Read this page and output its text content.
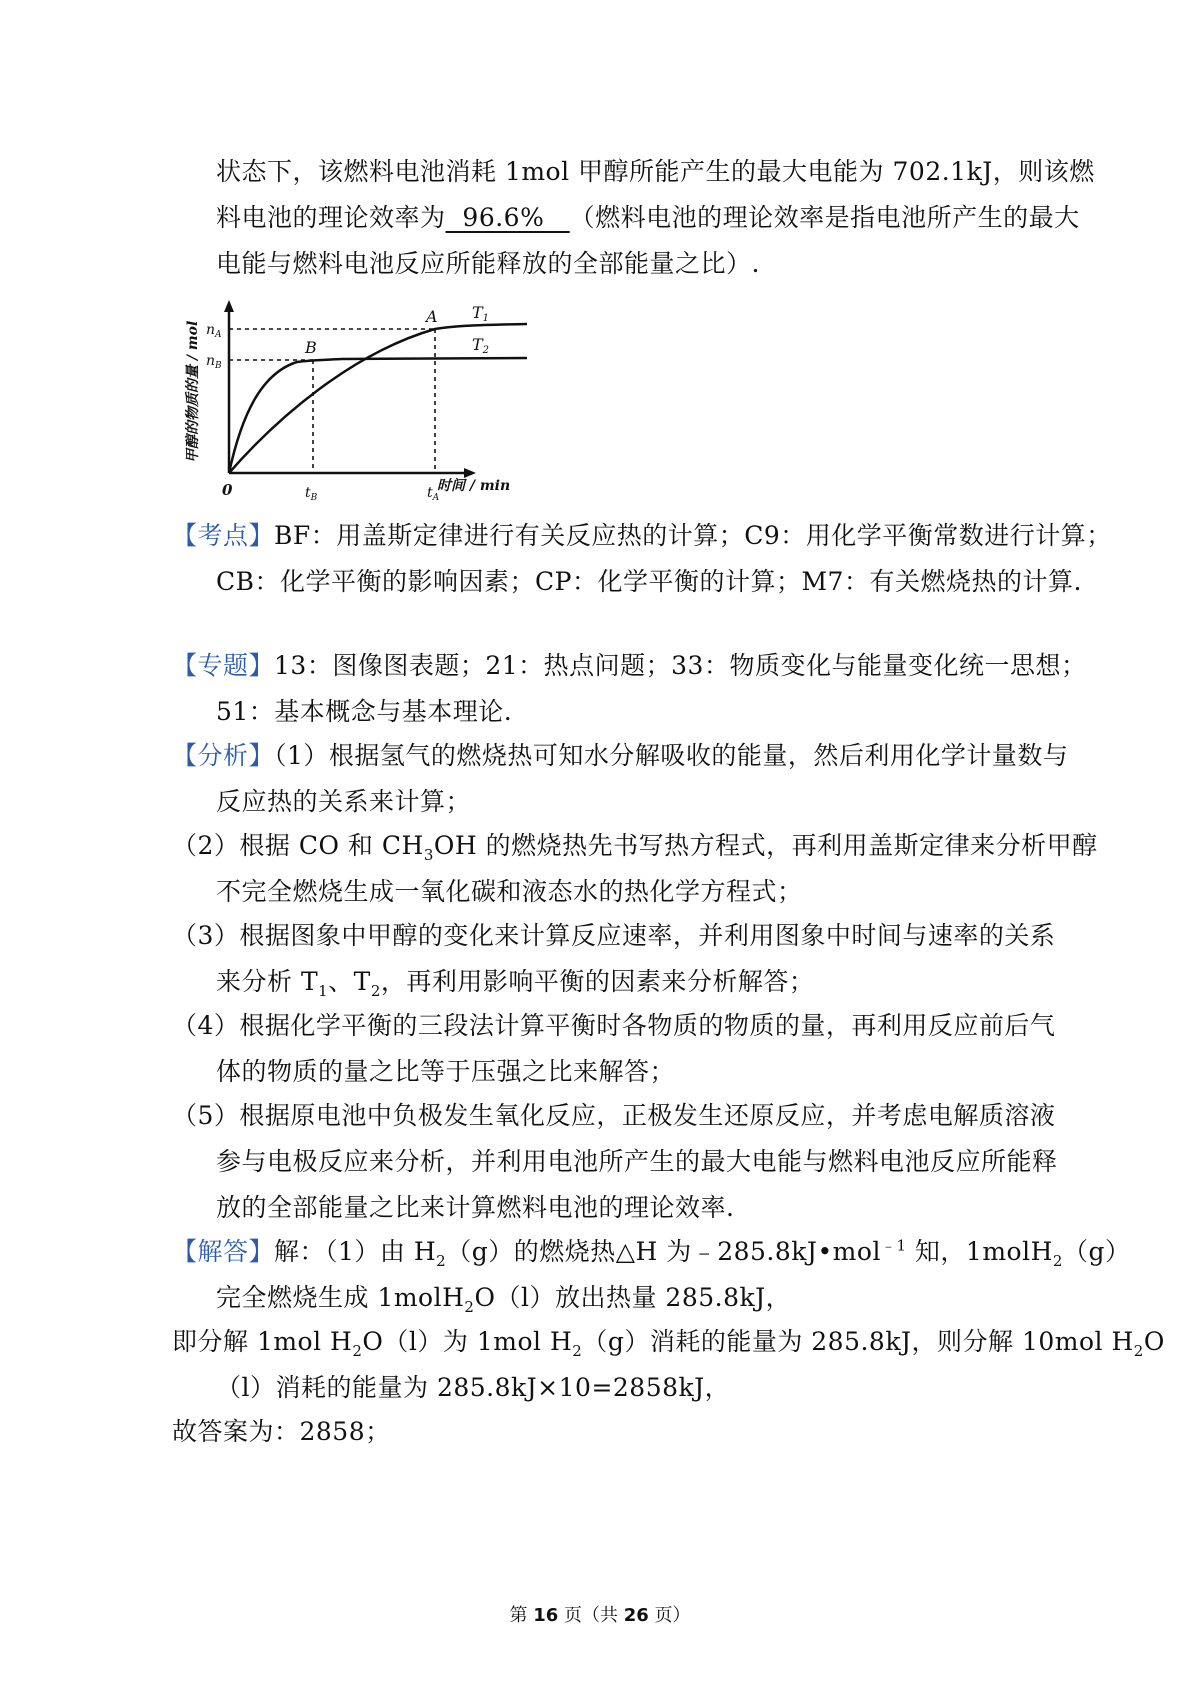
状态下，该燃料电池消耗 1mol 甲醇所能产生的最大电能为 702.1kJ，则该燃
料电池的理论效率为  96.6%   （燃料电池的理论效率是指电池所产生的最大
电能与燃料电池反应所能释放的全部能量之比）.
$n_A$
$n_B$
0	$t_B$	$t_A$
A
B
T1
T2
时间 / min
甲醇的物质的量 / mol
【考点】BF：用盖斯定律进行有关反应热的计算；C9：用化学平衡常数进行计算；
CB：化学平衡的影响因素；CP：化学平衡的计算；M7：有关燃烧热的计算.
【专题】13：图像图表题；21：热点问题；33：物质变化与能量变化统一思想；
51：基本概念与基本理论.
【分析】（1）根据氢气的燃烧热可知水分解吸收的能量，然后利用化学计量数与
反应热的关系来计算；
（2）根据 CO 和 $CH_3OH$ 的燃烧热先书写热方程式，再利用盖斯定律来分析甲醇
不完全燃烧生成一氧化碳和液态水的热化学方程式；
（3）根据图象中甲醇的变化来计算反应速率，并利用图象中时间与速率的关系
来分析 $T_1$、$T_2$，再利用影响平衡的因素来分析解答；
（4）根据化学平衡的三段法计算平衡时各物质的物质的量，再利用反应前后气
体的物质的量之比等于压强之比来解答；
（5）根据原电池中负极发生氧化反应，正极发生还原反应，并考虑电解质溶液
参与电极反应来分析，并利用电池所产生的最大电能与燃料电池反应所能释
放的全部能量之比来计算燃料电池的理论效率.
【解答】解：（1）由 $H_2(g)$的燃烧热△H 为﹣285.8kJ•mol$^{﹣1}$ 知，1molH$_2$（g）
完全燃烧生成 1molH$_2$O（l）放出热量 285.8kJ，
即分解 1mol $H_2O(l)$为 1mol $H_2(g)$消耗的能量为 285.8kJ，则分解 10mol $H_2O$
（l）消耗的能量为 285.8kJ×10=2858kJ，
故答案为：2858；
第 16 页（共 26 页）
